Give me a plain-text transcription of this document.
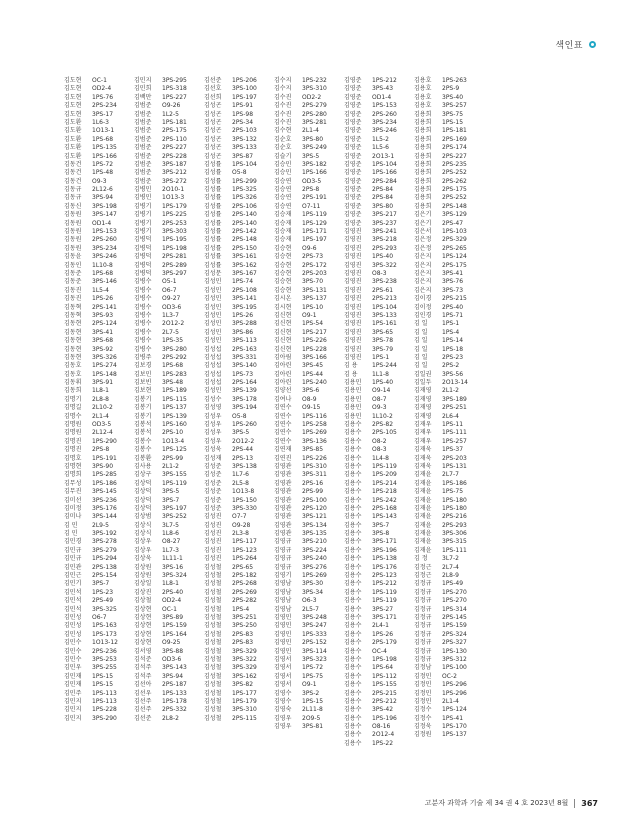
색인표
김도현	OC-1
김도현	OD2-4
김도현	1PS-76
김도현	2PS-234
김도현	3PS-17
김도환	1L6-3
김도환	1O13-1
김도환	1PS-68
김도환	1PS-135
김도환	1PS-166
김동건	1PS-72
김동건	1PS-48
김동건	O9-3
김동규	2L12-6
김동규	3PS-94
김동신	3PS-198
김동원	3PS-147
김동원	OD1-4
김동원	1PS-153
김동원	2PS-260
김동원	3PS-234
김동윤	3PS-246
김동인	1L10-8
김동준	1PS-68
김동준	3PS-146
김동진	1L5-4
김동진	1PS-26
김동혁	2PS-141
김동혁	3PS-93
김동현	2PS-124
김동현	3PS-41
김동현	3PS-68
김동현	3PS-92
김동현	3PS-326
김동호	1PS-274
김동호	1PS-148
김동휘	3PS-91
김동희	1L8-1
김명기	2L8-8
김명길	2L10-2
김명수	2L1-4
김명원	OD3-5
김명원	2L12-4
김명진	1PS-290
김명진	2PS-8
김명호	1PS-191
김명현	3PS-90
김명희	1PS-285
김무성	1PS-186
김무진	3PS-145
김미선	3PS-236
김미정	3PS-176
김미나	3PS-144
김 민	2L9-5
김 민	3PS-192
김민경	3PS-278
김민규	3PS-279
김민규	1PS-294
김민관	2PS-138
김민근	2PS-154
김민기	3PS-7
김민석	1PS-23
김민석	2PS-49
김민석	3PS-325
김민성	O6-7
김민성	1PS-163
김민성	1PS-173
김민수	1O13-12
김민수	2PS-236
김민수	3PS-253
김민우	3PS-255
김민재	1PS-15
김민재	1PS-15
김민주	1PS-113
김민지	1PS-113
김민지	1PS-228
김민지	3PS-290
김민지	3PS-295
김민희	1PS-318
김백만	1PS-227
김범준	O9-26
김범준	1L2-5
김범준	1PS-181
김범준	2PS-175
김범준	2PS-110
김범준	2PS-227
김범준	2PS-228
김범준	3PS-187
김범준	3PS-212
김범준	3PS-272
김병민	2O10-1
김병민	1O13-3
김병기	1PS-179
김병기	1PS-225
김병기	2PS-253
김병기	3PS-303
김병덕	1PS-195
김병덕	1PS-198
김병덕	2PS-281
김병덕	2PS-289
김병덕	3PS-297
김병수	O5-1
김병수	O6-7
김병수	O9-27
김병수	OD3-6
김병수	1L3-7
김병수	2O12-2
김병수	2L7-5
김병수	1PS-35
김병수	3PS-280
김병주	2PS-292
김보경	1PS-68
김보민	1PS-283
김보빈	3PS-48
김보현	1PS-189
김봉기	1PS-115
김봉기	1PS-137
김봉기	1PS-139
김봉석	1PS-160
김봉석	2PS-10
김봉수	1O13-4
김봉수	1PS-125
김봉환	2PS-99
김사용	2L1-2
김상구	3PS-155
김상덕	1PS-119
김상덕	3PS-5
김상덕	3PS-7
김상덕	3PS-197
김상범	3PS-252
김상식	3L7-5
김상식	1L8-6
김상우	O8-27
김상우	1L7-3
김상욱	1L11-1
김상원	3PS-16
김상원	3PS-324
김상일	1L8-1
김상진	2PS-40
김상철	OD2-4
김상현	OC-1
김상현	3PS-89
김상현	1PS-159
김상현	1PS-164
김상현	O9-25
김서영	3PS-88
김석준	OD3-6
김석주	3PS-143
김석주	3PS-94
김선아	2PS-187
김선우	1PS-133
김선주	1PS-178
김선주	2PS-332
김선준	2L8-2
김선준	1PS-206
김선호	3PS-100
김선희	1PS-197
김성곤	1PS-91
김성곤	1PS-98
김성곤	2PS-34
김성곤	2PS-103
김성곤	3PS-132
김성곤	3PS-133
김성곤	3PS-87
김성률	1PS-104
김성률	O5-8
김성률	1PS-299
김성률	1PS-325
김성률	1PS-326
김성률	2PS-106
김성률	2PS-140
김성률	2PS-140
김성률	2PS-142
김성률	2PS-148
김성률	2PS-150
김성률	3PS-161
김성률	3PS-162
김성문	3PS-167
김성민	1PS-74
김성민	2PS-108
김성민	3PS-141
김성민	3PS-195
김성민	1PS-26
김성민	3PS-288
김성민	3PS-86
김성민	3PS-113
김성섭	2PS-163
김성섭	3PS-331
김성섭	3PS-140
김성섭	1PS-73
김성섭	2PS-164
김성민	3PS-139
김성수	3PS-178
김성영	3PS-194
김성우	O5-8
김성우	1PS-260
김성우	3PS-5
김성우	2O12-2
김성욱	2PS-44
김성재	2PS-13
김성준	3PS-138
김성준	1L7-6
김성준	2L5-8
김성준	1O13-8
김성준	1PS-150
김성준	3PS-330
김성진	O7-7
김성진	O9-28
김성진	2L3-8
김성진	1PS-117
김성진	1PS-123
김성진	1PS-264
김성철	2PS-65
김성철	2PS-182
김성철	2PS-268
김성철	2PS-269
김성철	2PS-282
김성철	1PS-4
김성철	3PS-251
김성철	3PS-250
김성철	2PS-83
김성철	2PS-83
김성철	3PS-329
김성철	3PS-322
김성철	3PS-329
김성철	3PS-162
김성철	3PS-82
김성철	1PS-177
김성철	1PS-179
김성철	3PS-310
김성철	2PS-115
김수지	1PS-232
김수지	3PS-310
김수진	OD2-2
김수진	2PS-279
김수진	2PS-280
김수진	3PS-281
김수현	2L1-4
김순호	3PS-80
김순호	3PS-249
김슬기	3PS-5
김승민	3PS-182
김승민	1PS-166
김승연	OD3-5
김승연	2PS-8
김승연	2PS-191
김승연	O7-11
김승재	1PS-119
김승재	1PS-129
김승재	1PS-171
김승재	1PS-197
김승현	O9-6
김승현	2PS-73
김승현	2PS-172
김승현	2PS-203
김승현	3PS-70
김승현	3PS-131
김시온	3PS-137
김시현	1PS-10
김신현	O9-1
김신현	1PS-54
김신현	1PS-217
김신현	1PS-226
김신현	1PS-228
김아림	3PS-166
김아린	3PS-45
김아린	1PS-44
김아린	1PS-240
김양선	3PS-6
김여나	O8-9
김연수	O9-15
김연수	1PS-116
김연수	1PS-258
김연수	1PS-269
김연수	3PS-136
김연재	3PS-85
김연진	1PS-226
김영관	1PS-310
김영관	3PS-311
김영관	2PS-16
김영관	2PS-99
김영관	2PS-100
김영관	2PS-120
김영관	3PS-121
김영관	3PS-134
김영관	3PS-135
김영규	3PS-210
김영규	3PS-224
김영규	3PS-240
김영규	3PS-276
김영기	1PS-269
김영남	3PS-30
김영남	3PS-34
김영남	O6-3
김영남	2L5-7
김영민	3PS-248
김영민	3PS-247
김영민	1PS-333
김영민	2PS-152
김영민	3PS-114
김영서	3PS-323
김영서	1PS-72
김영서	1PS-75
김영서	O9-1
김영수	3PS-2
김영수	1PS-15
김영숙	2L11-8
김영우	2O9-5
김영우	3PS-81
김영준	1PS-212
김영준	3PS-43
김영준	OD1-4
김영준	1PS-153
김영준	2PS-260
김영준	3PS-234
김영준	3PS-246
김영준	1L5-2
김영준	1L5-6
김영준	2O13-1
김영준	1PS-104
김영준	1PS-166
김영준	2PS-284
김영준	2PS-84
김영준	2PS-84
김영준	3PS-80
김영준	3PS-217
김영준	3PS-237
김영진	3PS-241
김영진	3PS-218
김영진	2PS-293
김영진	1PS-40
김영진	3PS-322
김영진	O8-3
김영진	3PS-238
김영진	2PS-61
김영진	2PS-213
김영진	1PS-104
김영진	3PS-133
김영진	1PS-161
김영진	3PS-65
김영진	3PS-78
김영진	3PS-79
김영진	1PS-1
김 용	1PS-244
김 용	1L1-8
김용민	1PS-40
김용민	O9-14
김용민	O8-7
김용민	O9-3
김용민	1L10-2
김용수	2PS-82
김용수	2PS-105
김용수	O8-2
김용수	O8-3
김용수	1L4-8
김용수	1PS-119
김용수	1PS-209
김용수	1PS-214
김용수	1PS-218
김용수	1PS-242
김용수	2PS-168
김용수	1PS-143
김용수	3PS-7
김용수	3PS-8
김용수	3PS-171
김용수	3PS-196
김용수	1PS-138
김용수	1PS-176
김용수	2PS-123
김용수	1PS-212
김용수	1PS-119
김용수	1PS-119
김용수	3PS-27
김용수	3PS-171
김용수	2L4-1
김용수	1PS-26
김용수	2PS-179
김용수	OC-4
김용수	1PS-198
김용수	1PS-64
김용수	1PS-112
김용수	1PS-155
김용수	2PS-215
김용수	2PS-212
김용수	3PS-42
김용수	1PS-196
김용수	O8-16
김용수	2O12-4
김용수	1PS-22
김용호	1PS-263
김용호	2PS-9
김용호	3PS-40
김용호	3PS-257
김용희	3PS-75
김용희	1PS-15
김용희	1PS-181
김용희	2PS-169
김용희	2PS-174
김용희	2PS-227
김용희	2PS-235
김용희	2PS-252
김용희	2PS-262
김용희	2PS-175
김용희	2PS-252
김용희	2PS-148
김은기	3PS-129
김은기	2PS-47
김은서	1PS-103
김은정	2PS-329
김은정	2PS-265
김은지	1PS-124
김은지	2PS-175
김은지	3PS-41
김은지	3PS-76
김은지	3PS-73
김이경	2PS-215
김이정	2PS-40
김인경	1PS-71
김 일	1PS-1
김 일	1PS-4
김 일	1PS-14
김 일	1PS-18
김 일	2PS-23
김 일	2PS-2
김일권	3PS-56
김일두	2O13-14
김재영	2L1-2
김재영	3PS-189
김재영	2PS-251
김재영	2L6-4
김재우	1PS-11
김재우	1PS-111
김재우	1PS-257
김재욱	1PS-37
김재욱	2PS-203
김재욱	1PS-131
김재윤	2L7-7
김재윤	1PS-186
김재윤	1PS-75
김재윤	1PS-180
김재윤	1PS-180
김재윤	2PS-216
김재윤	2PS-293
김재윤	3PS-306
김재윤	3PS-315
김재윤	1PS-111
김 정	3L7-2
김정근	2L7-4
김정근	2L8-9
김정규	1PS-49
김정규	1PS-270
김정규	1PS-270
김정규	1PS-314
김정규	2PS-145
김정규	1PS-159
김정규	2PS-324
김정규	2PS-327
김정규	1PS-130
김정규	3PS-312
김정남	1PS-100
김정민	OC-2
김정민	1PS-296
김정민	1PS-296
김정민	2L1-4
김정수	1PS-124
김정수	1PS-41
김정욱	1PS-170
김정원	1PS-137
고분자 과학과 기술 제 34 권 4 호 2023년 8월 367
